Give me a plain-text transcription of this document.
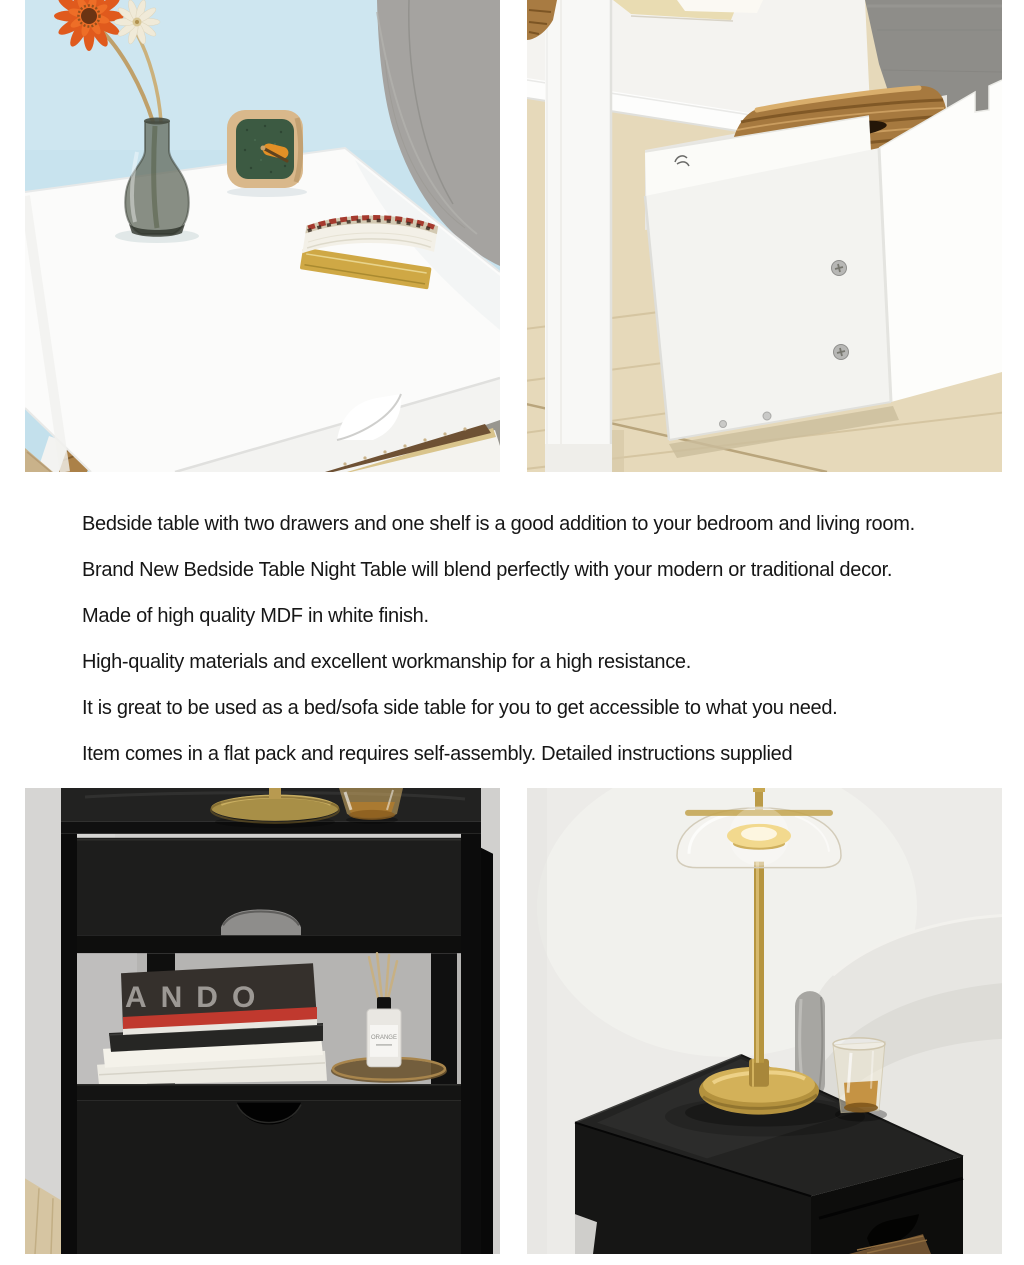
Bedside table with two drawers and one shelf is a good addition to your bedroom and living room.

Brand New Bedside Table Night Table will blend perfectly with your modern or traditional decor.

Made of high quality MDF in white finish.

High-quality materials and excellent workmanship for a high resistance.

It is great to be used as a bed/sofa side table for you to get accessible to what you need.

Item comes in a flat pack and requires self-assembly. Detailed instructions supplied

ANDO
ORANGE
